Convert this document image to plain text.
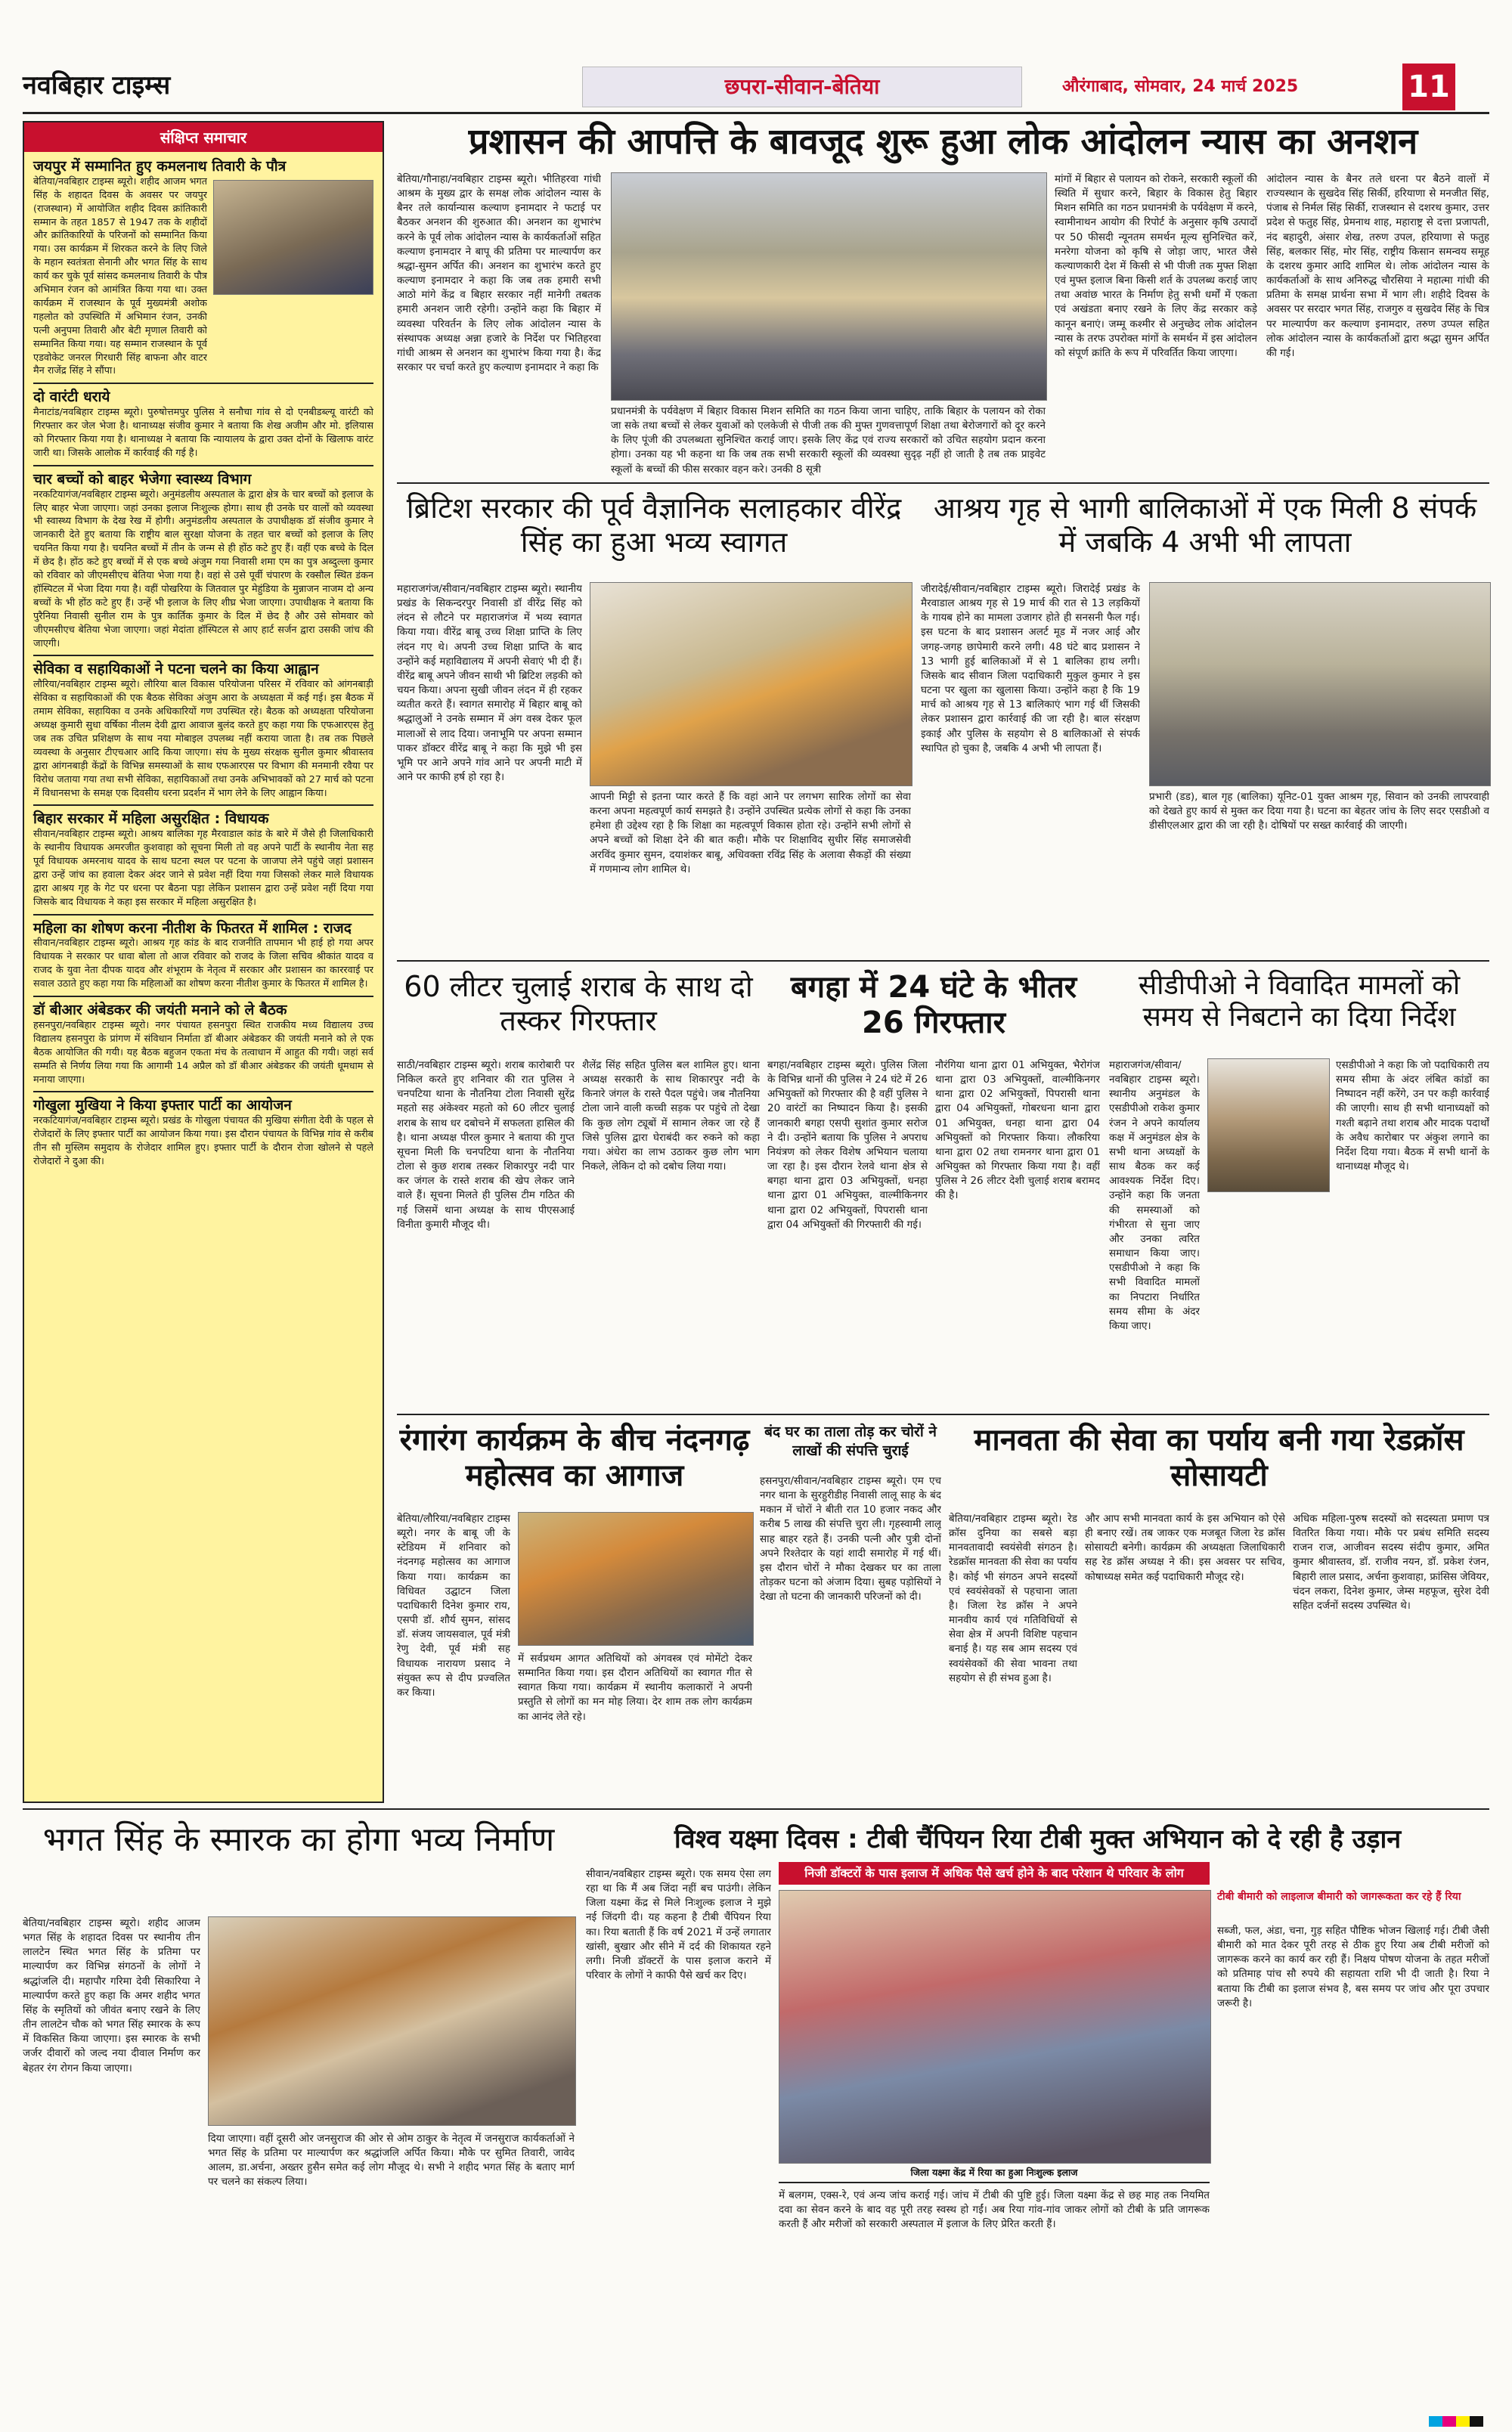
नवबिहार टाइम्स	छपरा-सीवान-बेतिया	औरंगाबाद, सोमवार, 24 मार्च 2025	11
संक्षिप्त समाचार
जयपुर में सम्मानित हुए कमलनाथ तिवारी के पौत्र
बेतिया/नवबिहार टाइम्स ब्यूरो। शहीद आजम भगत सिंह के शहादत दिवस के अवसर पर जयपुर (राजस्थान) में आयोजित शहीद दिवस क्रांतिकारी सम्मान के तहत 1857 से 1947 तक के शहीदों और क्रांतिकारियों के परिजनों को सम्मानित किया गया। उस कार्यक्रम में शिरकत करने के लिए जिले के महान स्वतंत्रता सेनानी और भगत सिंह के साथ कार्य कर चुके पूर्व सांसद कमलनाथ तिवारी के पौत्र अभिमान रंजन को आमंत्रित किया गया था। उक्त कार्यक्रम में राजस्थान के पूर्व मुख्यमंत्री अशोक गहलोत को उपस्थिति में अभिमान रंजन, उनकी पत्नी अनुपमा तिवारी और बेटी मृणाल तिवारी को सम्मानित किया गया। यह सम्मान राजस्थान के पूर्व एडवोकेट जनरल गिरधारी सिंह बाफना और वाटर मैन राजेंद्र सिंह ने सौंपा।
दो वारंटी धराये
मैनाटांड/नवबिहार टाइम्स ब्यूरो। पुरुषोत्तमपुर पुलिस ने सनौचा गांव से दो एनबीडब्ल्यू वारंटी को गिरफ्तार कर जेल भेजा है। थानाध्यक्ष संजीव कुमार ने बताया कि शेख अजीम और मो. इलियास को गिरफ्तार किया गया है। थानाध्यक्ष ने बताया कि न्यायालय के द्वारा उक्त दोनों के खिलाफ वारंट जारी था। जिसके आलोक में कार्रवाई की गई है।
चार बच्चों को बाहर भेजेगा स्वास्थ्य विभाग
नरकटियागंज/नवबिहार टाइम्स ब्यूरो। अनुमंडलीय अस्पताल के द्वारा क्षेत्र के चार बच्चों को इलाज के लिए बाहर भेजा जाएगा। जहां उनका इलाज निःशुल्क होगा। साथ ही उनके घर वालों को व्यवस्था भी स्वास्थ्य विभाग के देख रेख में होगी। अनुमंडलीय अस्पताल के उपाधीक्षक डॉ संजीव कुमार ने जानकारी देते हुए बताया कि राष्ट्रीय बाल सुरक्षा योजना के तहत चार बच्चों को इलाज के लिए चयनित किया गया है। चयनित बच्चों में तीन के जन्म से ही होंठ कटे हुए हैं। वहीं एक बच्चे के दिल में छेद है। होंठ कटे हुए बच्चों में से एक बच्चे अंजुम गया निवासी शमा एम का पुत्र अब्दुल्ला कुमार को रविवार को जीएमसीएच बेतिया भेजा गया है। वहां से उसे पूर्वी चंपारण के रक्सौल स्थित डंकन हॉस्पिटल में भेजा दिया गया है। वहीं पोखरिया के जितवाल पुर मेहुंडिया के मुन्नाजन नाजम दो अन्य बच्चों के भी होंठ कटे हुए हैं। उन्हें भी इलाज के लिए शीघ्र भेजा जाएगा। उपाधीक्षक ने बताया कि पुरैनिया निवासी सुनील राम के पुत्र कार्तिक कुमार के दिल में छेद है और उसे सोमवार को जीएमसीएच बेतिया भेजा जाएगा। जहां मेदांता हॉस्पिटल से आए हार्ट सर्जन द्वारा उसकी जांच की जाएगी।
सेविका व सहायिकाओं ने पटना चलने का किया आह्वान
लौरिया/नवबिहार टाइम्स ब्यूरो। लौरिया बाल विकास परियोजना परिसर में रविवार को आंगनबाड़ी सेविका व सहायिकाओं की एक बैठक सेविका अंजुम आरा के अध्यक्षता में कई गई। इस बैठक में तमाम सेविका, सहायिका व उनके अधिकारियों गण उपस्थित रहे। बैठक को अध्यक्षता परियोजना अध्यक्ष कुमारी सुधा वर्षिका नीलम देवी द्वारा आवाज बुलंद करते हुए कहा गया कि एफआरएस हेतु जब तक उचित प्रशिक्षण के साथ नया मोबाइल उपलब्ध नहीं कराया जाता है। तब तक पिछले व्यवस्था के अनुसार टीएचआर आदि किया जाएगा। संघ के मुख्य संरक्षक सुनील कुमार श्रीवास्तव द्वारा आंगनबाड़ी केंद्रों के विभिन्न समस्याओं के साथ एफआरएस पर विभाग की मनमानी रवैया पर विरोध जताया गया तथा सभी सेविका, सहायिकाओं तथा उनके अभिभावकों को 27 मार्च को पटना में विधानसभा के समक्ष एक दिवसीय धरना प्रदर्शन में भाग लेने के लिए आह्वान किया।
बिहार सरकार में महिला असुरक्षित : विधायक
सीवान/नवबिहार टाइम्स ब्यूरो। आश्रय बालिका गृह मैरवाडाल कांड के बारे में जैसे ही जिलाधिकारी के स्थानीय विधायक अमरजीत कुशवाहा को सूचना मिली तो वह अपने पार्टी के स्थानीय नेता सह पूर्व विधायक अमरनाथ यादव के साथ घटना स्थल पर पटना के जाजपा लेने पहुंचे जहां प्रशासन द्वारा उन्हें जांच का हवाला देकर अंदर जाने से प्रवेश नहीं दिया गया जिसको लेकर माले विधायक द्वारा आश्रय गृह के गेट पर धरना पर बैठना पड़ा लेकिन प्रशासन द्वारा उन्हें प्रवेश नहीं दिया गया जिसके बाद विधायक ने कहा इस सरकार में महिला असुरक्षित है।
महिला का शोषण करना नीतीश के फितरत में शामिल : राजद
सीवान/नवबिहार टाइम्स ब्यूरो। आश्रय गृह कांड के बाद राजनीति तापमान भी हाई हो गया अपर विधायक ने सरकार पर धावा बोला तो आज रविवार को राजद के जिला सचिव श्रीकांत यादव व राजद के युवा नेता दीपक यादव और शंभूराम के नेतृत्व में सरकार और प्रशासन का काररवाई पर सवाल उठाते हुए कहा गया कि महिलाओं का शोषण करना नीतीश कुमार के फितरत में शामिल है।
डॉ बीआर अंबेडकर की जयंती मनाने को ले बैठक
हसनपुरा/नवबिहार टाइम्स ब्यूरो। नगर पंचायत हसनपुरा स्थित राजकीय मध्य विद्यालय उच्च विद्यालय हसनपुरा के प्रांगण में संविधान निर्माता डॉ बीआर अंबेडकर की जयंती मनाने को ले एक बैठक आयोजित की गयी। यह बैठक बहुजन एकता मंच के तत्वाधान में आहुत की गयी। जहां सर्व सम्मति से निर्णय लिया गया कि आगामी 14 अप्रैल को डॉ बीआर अंबेडकर की जयंती धूमधाम से मनाया जाएगा।
गोखुला मुखिया ने किया इफ्तार पार्टी का आयोजन
नरकटियागंज/नवबिहार टाइम्स ब्यूरो। प्रखंड के गोखुला पंचायत की मुखिया संगीता देवी के पहल से रोजेदारों के लिए इफ्तार पार्टी का आयोजन किया गया। इस दौरान पंचायत के विभिन्न गांव से करीब तीन सौ मुस्लिम समुदाय के रोजेदार शामिल हुए। इफ्तार पार्टी के दौरान रोजा खोलने से पहले रोजेदारों ने दुआ की।
प्रशासन की आपत्ति के बावजूद शुरू हुआ लोक आंदोलन न्यास का अनशन
बेतिया/गौनाहा/नवबिहार टाइम्स ब्यूरो। भीतिहरवा गांधी आश्रम के मुख्य द्वार के समक्ष लोक आंदोलन न्यास के बैनर तले कार्यान्यास कल्याण इनामदार ने फटाई पर बैठकर अनशन की शुरुआत की। अनशन का शुभारंभ करने के पूर्व लोक आंदोलन न्यास के कार्यकर्ताओं सहित कल्याण इनामदार ने बापू की प्रतिमा पर माल्यार्पण कर श्रद्धा-सुमन अर्पित की। अनशन का शुभारंभ करते हुए कल्याण इनामदार ने कहा कि जब तक हमारी सभी आठो मांगे केंद्र व बिहार सरकार नहीं मानेगी तबतक हमारी अनशन जारी रहेगी। उन्होंने कहा कि बिहार में व्यवस्था परिवर्तन के लिए लोक आंदोलन न्यास के संस्थापक अध्यक्ष अन्ना हजारे के निर्देश पर भितिहरवा गांधी आश्रम से अनशन का शुभारंभ किया गया है। केंद्र सरकार पर चर्चा करते हुए कल्याण इनामदार ने कहा कि
प्रधानमंत्री के पर्यवेक्षण में बिहार विकास मिशन समिति का गठन किया जाना चाहिए, ताकि बिहार के पलायन को रोका जा सके तथा बच्चों से लेकर युवाओं को एलकेजी से पीजी तक की मुफ्त गुणवत्तापूर्ण शिक्षा तथा बेरोजगारों को दूर करने के लिए पूंजी की उपलब्धता सुनिश्चित कराई जाए। इसके लिए केंद्र एवं राज्य सरकारों को उचित सहयोग प्रदान करना होगा। उनका यह भी कहना था कि जब तक सभी सरकारी स्कूलों की व्यवस्था सुदृढ़ नहीं हो जाती है तब तक प्राइवेट स्कूलों के बच्चों की फीस सरकार वहन करे। उनकी 8 सूत्री
मांगों में बिहार से पलायन को रोकने, सरकारी स्कूलों की स्थिति में सुधार करने, बिहार के विकास हेतु बिहार मिशन समिति का गठन प्रधानमंत्री के पर्यवेक्षण में करने, स्वामीनाथन आयोग की रिपोर्ट के अनुसार कृषि उत्पादों पर 50 फीसदी न्यूनतम समर्थन मूल्य सुनिश्चित करें, मनरेगा योजना को कृषि से जोड़ा जाए, भारत जैसे कल्याणकारी देश में किसी से भी पीजी तक मुफ्त शिक्षा एवं मुफ्त इलाज बिना किसी शर्त के उपलब्ध कराई जाए तथा अवांछ भारत के निर्माण हेतु सभी धर्मों में एकता एवं अखंडता बनाए रखने के लिए केंद्र सरकार कड़े कानून बनाएं। जम्मू कश्मीर से अनुच्छेद लोक आंदोलन न्यास के तरफ उपरोक्त मांगों के समर्थन में इस आंदोलन को संपूर्ण क्रांति के रूप में परिवर्तित किया जाएगा।
आंदोलन न्यास के बैनर तले धरना पर बैठने वालों में राज्यस्थान के सुखदेव सिंह सिर्की, हरियाणा से मनजीत सिंह, पंजाब से निर्मल सिंह सिर्की, राजस्थान से दशरथ कुमार, उत्तर प्रदेश से फतुह सिंह, प्रेमनाथ शाह, महाराष्ट्र से दत्ता प्रजापती, नंद बहादुरी, अंसार शेख, तरुण उपल, हरियाणा से फतुह सिंह, बलकार सिंह, मोर सिंह, राष्ट्रीय किसान समन्वय समूह के दशरथ कुमार आदि शामिल थे। लोक आंदोलन न्यास के कार्यकर्ताओं के साथ अनिरुद्ध चौरसिया ने महात्मा गांधी की प्रतिमा के समक्ष प्रार्थना सभा में भाग ली। शहीदे दिवस के अवसर पर सरदार भगत सिंह, राजगुरु व सुखदेव सिंह के चित्र पर माल्यार्पण कर कल्याण इनामदार, तरुण उप्पल सहित लोक आंदोलन न्यास के कार्यकर्ताओं द्वारा श्रद्धा सुमन अर्पित की गई।
ब्रिटिश सरकार की पूर्व वैज्ञानिक सलाहकार वीरेंद्र सिंह का हुआ भव्य स्वागत
महाराजगंज/सीवान/नवबिहार टाइम्स ब्यूरो। स्थानीय प्रखंड के सिकन्दरपुर निवासी डॉ वीरेंद्र सिंह को लंदन से लौटने पर महाराजगंज में भव्य स्वागत किया गया। वीरेंद्र बाबू उच्च शिक्षा प्राप्ति के लिए लंदन गए थे। अपनी उच्च शिक्षा प्राप्ति के बाद उन्होंने कई महाविद्यालय में अपनी सेवाएं भी दी हैं। वीरेंद्र बाबू अपने जीवन साथी भी ब्रिटिश लड़की को चयन किया। अपना सुखी जीवन लंदन में ही रहकर व्यतीत करते हैं। स्वागत समारोह में बिहार बाबू को श्रद्धालुओं ने उनके सम्मान में अंग वस्त्र देकर फूल मालाओं से लाद दिया। जनाभूमि पर अपना सम्मान पाकर डॉक्टर वीरेंद्र बाबू ने कहा कि मुझे भी इस भूमि पर आने अपने गांव आने पर अपनी माटी में आने पर काफी हर्ष हो रहा है।
आपनी मिट्टी से इतना प्यार करते हैं कि वहां आने पर लगभग सारिक लोगों का सेवा करना अपना महत्वपूर्ण कार्य समझते है। उन्होंने उपस्थित प्रत्येक लोगों से कहा कि उनका हमेशा ही उद्देश्य रहा है कि शिक्षा का महत्वपूर्ण विकास होता रहे। उन्होंने सभी लोगों से अपने बच्चों को शिक्षा देने की बात कही। मौके पर शिक्षाविद सुधीर सिंह समाजसेवी अरविंद कुमार सुमन, दयाशंकर बाबू, अधिवक्ता रविंद्र सिंह के अलावा सैकड़ों की संख्या में गणमान्य लोग शामिल थे।
आश्रय गृह से भागी बालिकाओं में एक मिली 8 संपर्क में जबकि 4 अभी भी लापता
जीरादेई/सीवान/नवबिहार टाइम्स ब्यूरो। जिरादेई प्रखंड के मैरवाडाल आश्रय गृह से 19 मार्च की रात से 13 लड़कियों के गायब होने का मामला उजागर होते ही सनसनी फैल गई। इस घटना के बाद प्रशासन अलर्ट मूड में नजर आई और जगह-जगह छापेमारी करने लगी। 48 घंटे बाद प्रशासन ने 13 भागी हुई बालिकाओं में से 1 बालिका हाथ लगी। जिसके बाद सीवान जिला पदाधिकारी मुकुल कुमार ने इस घटना पर खुला का खुलासा किया। उन्होंने कहा है कि 19 मार्च को आश्रय गृह से 13 बालिकाएं भाग गई थीं जिसकी लेकर प्रशासन द्वारा कार्रवाई की जा रही है। बाल संरक्षण इकाई और पुलिस के सहयोग से 8 बालिकाओं से संपर्क स्थापित हो चुका है, जबकि 4 अभी भी लापता हैं।
प्रभारी (डड), बाल गृह (बालिका) यूनिट-01 युक्त आश्रम गृह, सिवान को उनकी लापरवाही को देखते हुए कार्य से मुक्त कर दिया गया है। घटना का बेहतर जांच के लिए सदर एसडीओ व डीसीएलआर द्वारा की जा रही है। दोषियों पर सख्त कार्रवाई की जाएगी।
60 लीटर चुलाई शराब के साथ दो तस्कर गिरफ्तार
साठी/नवबिहार टाइम्स ब्यूरो। शराब कारोबारी पर निकिल करते हुए शनिवार की रात पुलिस ने चनपटिया थाना के नौतनिया टोला निवासी सुरेंद्र महतो सह अंकेश्वर महतो को 60 लीटर चुलाई शराब के साथ धर दबोचने में सफलता हासिल की है। थाना अध्यक्ष पीरल कुमार ने बताया की गुप्त सूचना मिली कि चनपटिया थाना के नौतनिया टोला से कुछ शराब तस्कर शिकारपुर नदी पार कर जंगल के रास्ते शराब की खेप लेकर जाने वाले हैं। सूचना मिलते ही पुलिस टीम गठित की गई जिसमें थाना अध्यक्ष के साथ पीएसआई विनीता कुमारी मौजूद थी।
शैलेंद्र सिंह सहित पुलिस बल शामिल हुए। थाना अध्यक्ष सरकारी के साथ शिकारपुर नदी के किनारे जंगल के रास्ते पैदल पहुंचे। जब नौतनिया टोला जाने वाली कच्ची सड़क पर पहुंचे तो देखा कि कुछ लोग ट्यूबों में सामान लेकर जा रहे हैं जिसे पुलिस द्वारा घेराबंदी कर रुकने को कहा गया। अंधेरा का लाभ उठाकर कुछ लोग भाग निकले, लेकिन दो को दबोच लिया गया।
बगहा में 24 घंटे के भीतर 26 गिरफ्तार
बगहा/नवबिहार टाइम्स ब्यूरो। पुलिस जिला के विभिन्न थानों की पुलिस ने 24 घंटे में 26 अभियुक्तों को गिरफ्तार की है वहीं पुलिस ने 20 वारंटों का निष्पादन किया है। इसकी जानकारी बगहा एसपी सुशांत कुमार सरोज ने दी। उन्होंने बताया कि पुलिस ने अपराध नियंत्रण को लेकर विशेष अभियान चलाया जा रहा है। इस दौरान रेलवे थाना क्षेत्र से बगहा थाना द्वारा 03 अभियुक्तों, धनहा थाना द्वारा 01 अभियुक्त, वाल्मीकिनगर थाना द्वारा 02 अभियुक्तों, पिपरासी थाना द्वारा 04 अभियुक्तों की गिरफ्तारी की गई।
नौरंगिया थाना द्वारा 01 अभियुक्त, भैरोगंज थाना द्वारा 03 अभियुक्तों, वाल्मीकिनगर थाना द्वारा 02 अभियुक्तों, पिपरासी थाना द्वारा 04 अभियुक्तों, गोबरधना थाना द्वारा 01 अभियुक्त, धनहा थाना द्वारा 04 अभियुक्तों को गिरफ्तार किया। लौकरिया थाना द्वारा 02 तथा रामनगर थाना द्वारा 01 अभियुक्त को गिरफ्तार किया गया है। वहीं पुलिस ने 26 लीटर देशी चुलाई शराब बरामद की है।
सीडीपीओ ने विवादित मामलों को समय से निबटाने का दिया निर्देश
महाराजगंज/सीवान/नवबिहार टाइम्स ब्यूरो। स्थानीय अनुमंडल के एसडीपीओ राकेश कुमार रंजन ने अपने कार्यालय कक्ष में अनुमंडल क्षेत्र के सभी थाना अध्यक्षों के साथ बैठक कर कई आवश्यक निर्देश दिए। उन्होंने कहा कि जनता की समस्याओं को गंभीरता से सुना जाए और उनका त्वरित समाधान किया जाए। एसडीपीओ ने कहा कि सभी विवादित मामलों का निपटारा निर्धारित समय सीमा के अंदर किया जाए।
एसडीपीओ ने कहा कि जो पदाधिकारी तय समय सीमा के अंदर लंबित कांडों का निष्पादन नहीं करेंगे, उन पर कड़ी कार्रवाई की जाएगी। साथ ही सभी थानाध्यक्षों को गश्ती बढ़ाने तथा शराब और मादक पदार्थों के अवैध कारोबार पर अंकुश लगाने का निर्देश दिया गया। बैठक में सभी थानों के थानाध्यक्ष मौजूद थे।
रंगारंग कार्यक्रम के बीच नंदनगढ़ महोत्सव का आगाज
बेतिया/लौरिया/नवबिहार टाइम्स ब्यूरो। नगर के बाबू जी के स्टेडियम में शनिवार को नंदनगढ़ महोत्सव का आगाज किया गया। कार्यक्रम का विधिवत उद्घाटन जिला पदाधिकारी दिनेश कुमार राय, एसपी डॉ. शौर्य सुमन, सांसद डॉ. संजय जायसवाल, पूर्व मंत्री रेणु देवी, पूर्व मंत्री सह विधायक नारायण प्रसाद ने संयुक्त रूप से दीप प्रज्वलित कर किया।
में सर्वप्रथम आगत अतिथियों को अंगवस्त्र एवं मोमेंटो देकर सम्मानित किया गया। इस दौरान अतिथियों का स्वागत गीत से स्वागत किया गया। कार्यक्रम में स्थानीय कलाकारों ने अपनी प्रस्तुति से लोगों का मन मोह लिया। देर शाम तक लोग कार्यक्रम का आनंद लेते रहे।
बंद घर का ताला तोड़ कर चोरों ने लाखों की संपत्ति चुराई
हसनपुरा/सीवान/नवबिहार टाइम्स ब्यूरो। एम एच नगर थाना के सुरहुरीडीह निवासी लालू साह के बंद मकान में चोरों ने बीती रात 10 हजार नकद और करीब 5 लाख की संपत्ति चुरा ली। गृहस्वामी लालू साह बाहर रहते हैं। उनकी पत्नी और पुत्री दोनों अपने रिश्तेदार के यहां शादी समारोह में गई थीं। इस दौरान चोरों ने मौका देखकर घर का ताला तोड़कर घटना को अंजाम दिया। सुबह पड़ोसियों ने देखा तो घटना की जानकारी परिजनों को दी।
मानवता की सेवा का पर्याय बनी गया रेडक्रॉस सोसायटी
बेतिया/नवबिहार टाइम्स ब्यूरो। रेड क्रॉस दुनिया का सबसे बड़ा मानवतावादी स्वयंसेवी संगठन है। रेडक्रॉस मानवता की सेवा का पर्याय है। कोई भी संगठन अपने सदस्यों एवं स्वयंसेवकों से पहचाना जाता है। जिला रेड क्रॉस ने अपने मानवीय कार्य एवं गतिविधियों से सेवा क्षेत्र में अपनी विशिष्ट पहचान बनाई है। यह सब आम सदस्य एवं स्वयंसेवकों की सेवा भावना तथा सहयोग से ही संभव हुआ है।
और आप सभी मानवता कार्य के इस अभियान को ऐसे ही बनाए रखें। तब जाकर एक मजबूत जिला रेड क्रॉस सोसायटी बनेगी। कार्यक्रम की अध्यक्षता जिलाधिकारी सह रेड क्रॉस अध्यक्ष ने की। इस अवसर पर सचिव, कोषाध्यक्ष समेत कई पदाधिकारी मौजूद रहे।
अधिक महिला-पुरुष सदस्यों को सदस्यता प्रमाण पत्र वितरित किया गया। मौके पर प्रबंध समिति सदस्य राजन राज, आजीवन सदस्य संदीप कुमार, अमित कुमार श्रीवास्तव, डॉ. राजीव नयन, डॉ. प्रकेश रंजन, बिहारी लाल प्रसाद, अर्चना कुशवाहा, फ्रांसिस जेवियर, चंदन लकरा, दिनेश कुमार, जेम्स महफूज, सुरेश देवी सहित दर्जनों सदस्य उपस्थित थे।
भगत सिंह के स्मारक का होगा भव्य निर्माण
बेतिया/नवबिहार टाइम्स ब्यूरो। शहीद आजम भगत सिंह के शहादत दिवस पर स्थानीय तीन लालटेन स्थित भगत सिंह के प्रतिमा पर माल्यार्पण कर विभिन्न संगठनों के लोगों ने श्रद्धांजलि दी। महापौर गरिमा देवी सिकारिया ने माल्यार्पण करते हुए कहा कि अमर शहीद भगत सिंह के स्मृतियों को जीवंत बनाए रखने के लिए तीन लालटेन चौक को भगत सिंह स्मारक के रूप में विकसित किया जाएगा। इस स्मारक के सभी जर्जर दीवारों को जल्द नया दीवाल निर्माण कर बेहतर रंग रोगन किया जाएगा।
दिया जाएगा। वहीं दूसरी ओर जनसुराज की ओर से ओम ठाकुर के नेतृत्व में जनसुराज कार्यकर्ताओं ने भगत सिंह के प्रतिमा पर माल्यार्पण कर श्रद्धांजलि अर्पित किया। मौके पर सुमित तिवारी, जावेद आलम, डा.अर्चना, अख्तर हुसैन समेत कई लोग मौजूद थे। सभी ने शहीद भगत सिंह के बताए मार्ग पर चलने का संकल्प लिया।
विश्व यक्ष्मा दिवस : टीबी चैंपियन रिया टीबी मुक्त अभियान को दे रही है उड़ान
निजी डॉक्टरों के पास इलाज में अधिक पैसे खर्च होने के बाद परेशान थे परिवार के लोग
सीवान/नवबिहार टाइम्स ब्यूरो। एक समय ऐसा लग रहा था कि मैं अब जिंदा नहीं बच पाउंगी। लेकिन जिला यक्ष्मा केंद्र से मिले निःशुल्क इलाज ने मुझे नई जिंदगी दी। यह कहना है टीबी चैंपियन रिया का। रिया बताती हैं कि वर्ष 2021 में उन्हें लगातार खांसी, बुखार और सीने में दर्द की शिकायत रहने लगी। निजी डॉक्टरों के पास इलाज कराने में परिवार के लोगों ने काफी पैसे खर्च कर दिए।
जिला यक्ष्मा केंद्र में रिया का हुआ निःशुल्क इलाज
में बलगम, एक्स-रे, एवं अन्य जांच कराई गई। जांच में टीबी की पुष्टि हुई। जिला यक्ष्मा केंद्र से छह माह तक नियमित दवा का सेवन करने के बाद वह पूरी तरह स्वस्थ हो गईं। अब रिया गांव-गांव जाकर लोगों को टीबी के प्रति जागरूक करती हैं और मरीजों को सरकारी अस्पताल में इलाज के लिए प्रेरित करती हैं।
टीबी बीमारी को लाइलाज बीमारी को जागरूकता कर रहे हैं रिया
सब्जी, फल, अंडा, चना, गुड़ सहित पौष्टिक भोजन खिलाई गई। टीबी जैसी बीमारी को मात देकर पूरी तरह से ठीक हुए रिया अब टीबी मरीजों को जागरूक करने का कार्य कर रही हैं। निक्षय पोषण योजना के तहत मरीजों को प्रतिमाह पांच सौ रुपये की सहायता राशि भी दी जाती है। रिया ने बताया कि टीबी का इलाज संभव है, बस समय पर जांच और पूरा उपचार जरूरी है।
